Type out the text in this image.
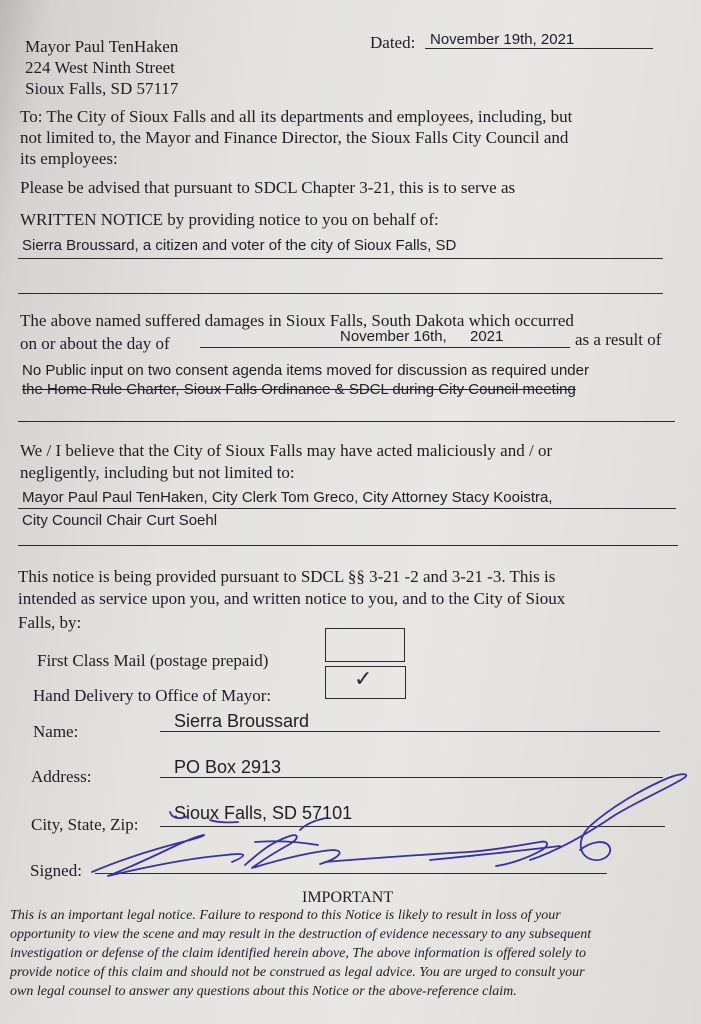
Mayor Paul TenHaken
224 West Ninth Street
Sioux Falls, SD 57117
Dated: November 19th, 2021
To: The City of Sioux Falls and all its departments and employees, including, but
not limited to, the Mayor and Finance Director, the Sioux Falls City Council and
its employees:
Please be advised that pursuant to SDCL Chapter 3-21, this is to serve as
WRITTEN NOTICE by providing notice to you on behalf of:
Sierra Broussard, a citizen and voter of the city of Sioux Falls, SD
The above named suffered damages in Sioux Falls, South Dakota which occurred
on or about the day of	November 16th, 2021	as a result of
No Public input on two consent agenda items moved for discussion as required under
the Home Rule Charter, Sioux Falls Ordinance & SDCL during City Council meeting
We / I believe that the City of Sioux Falls may have acted maliciously and / or
negligently, including but not limited to:
Mayor Paul Paul TenHaken, City Clerk Tom Greco, City Attorney Stacy Kooistra,
City Council Chair Curt Soehl
This notice is being provided pursuant to SDCL §§ 3-21 -2 and 3-21 -3. This is
intended as service upon you, and written notice to you, and to the City of Sioux
Falls, by:
First Class Mail (postage prepaid)
Hand Delivery to Office of Mayor:
✓
Name:
Sierra Broussard
Address:	PO Box 2913
City, State, Zip:
Sioux Falls, SD 57101
Signed:
IMPORTANT
This is an important legal notice. Failure to respond to this Notice is likely to result in loss of your
opportunity to view the scene and may result in the destruction of evidence necessary to any subsequent
investigation or defense of the claim identified herein above, The above information is offered solely to
provide notice of this claim and should not be construed as legal advice. You are urged to consult your
own legal counsel to answer any questions about this Notice or the above-reference claim.
